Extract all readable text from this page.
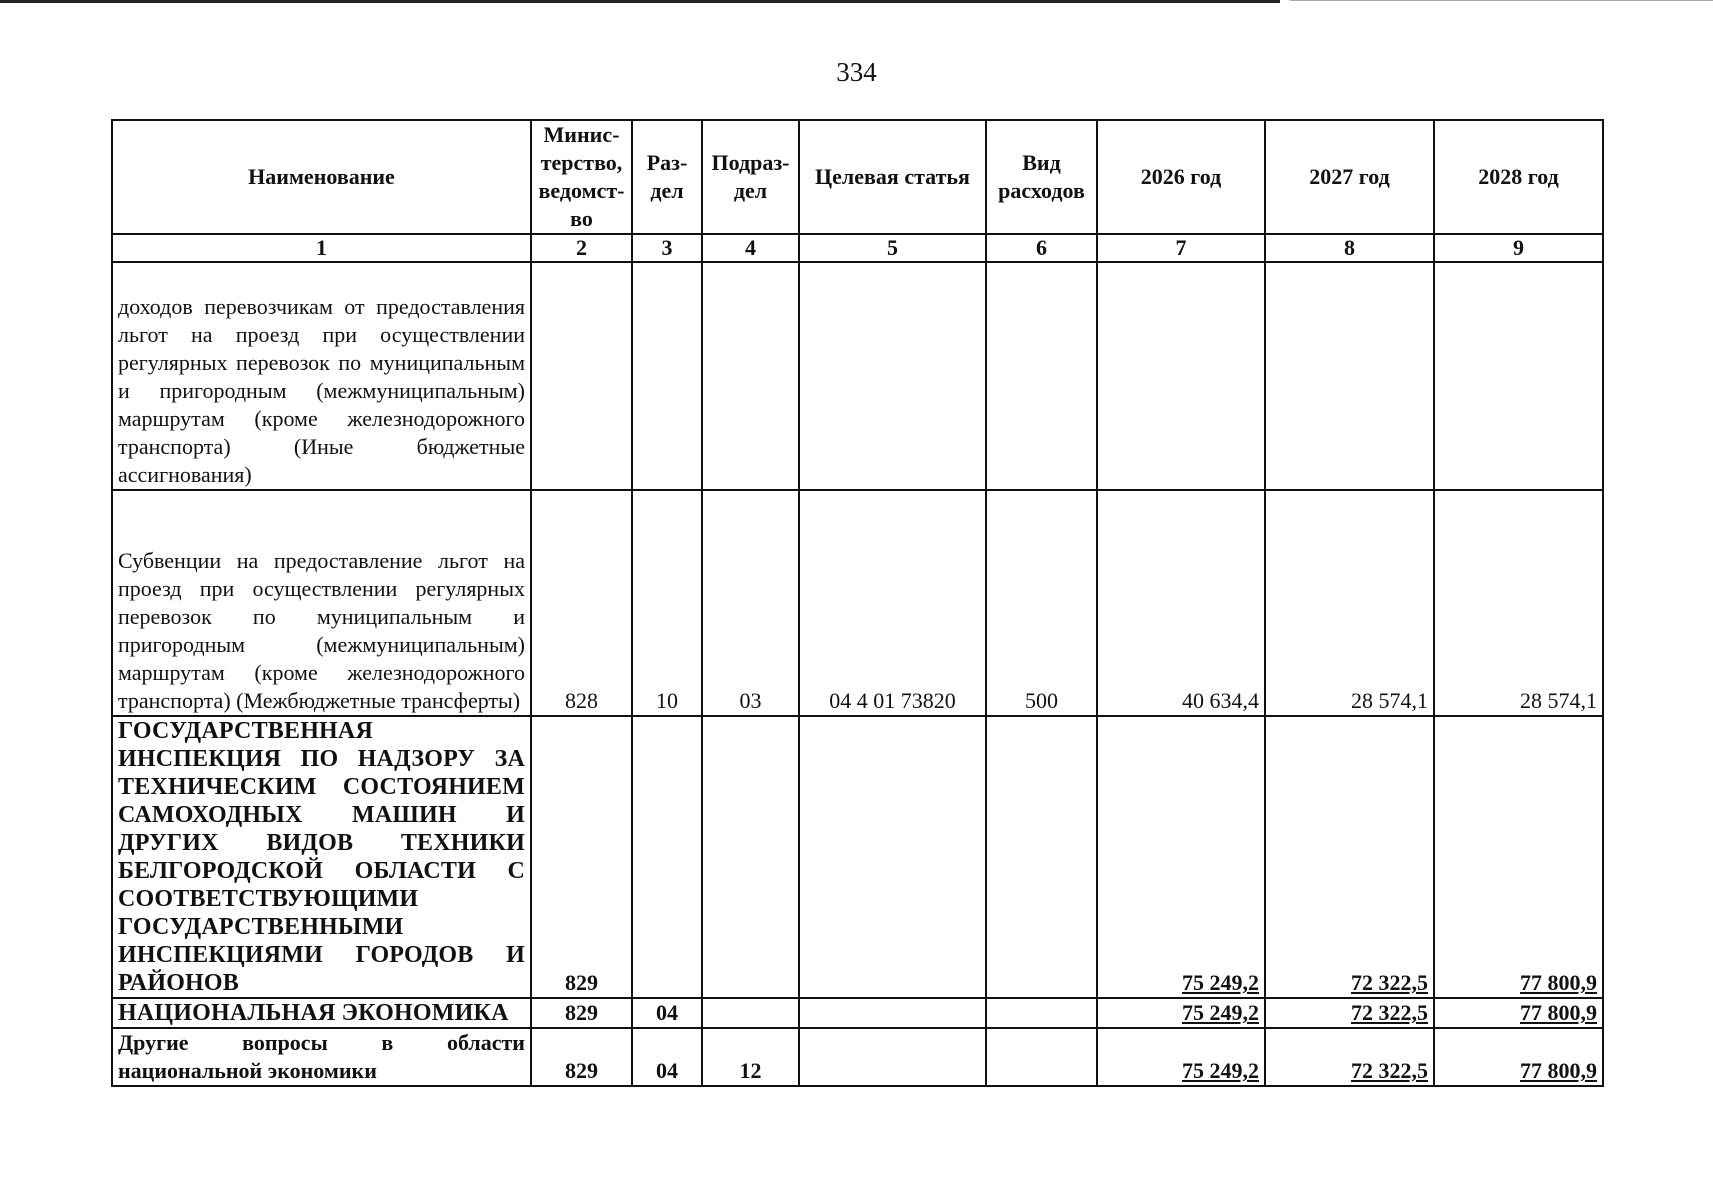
334
Наименование	Минис-терство, ведомст-во	Раз-дел	Подраз-дел	Целевая статья	Вид расходов	2026 год	2027 год	2028 год
1	2	3	4	5	6	7	8	9
доходов перевозчикам от предоставления льгот на проезд при осуществлении регулярных перевозок по муниципальным и пригородным (межмуниципальным) маршрутам (кроме железнодорожного транспорта) (Иные бюджетные ассигнования)								
Субвенции на предоставление льгот на проезд при осуществлении регулярных перевозок по муниципальным и пригородным (межмуниципальным) маршрутам (кроме железнодорожного транспорта) (Межбюджетные трансферты)	828	10	03	04 4 01 73820	500	40 634,4	28 574,1	28 574,1
ГОСУДАРСТВЕННАЯ ИНСПЕКЦИЯ ПО НАДЗОРУ ЗА ТЕХНИЧЕСКИМ СОСТОЯНИЕМ САМОХОДНЫХ МАШИН И ДРУГИХ ВИДОВ ТЕХНИКИ БЕЛГОРОДСКОЙ ОБЛАСТИ С СООТВЕТСТВУЮЩИМИ ГОСУДАРСТВЕННЫМИ ИНСПЕКЦИЯМИ ГОРОДОВ И РАЙОНОВ	829					75 249,2	72 322,5	77 800,9
НАЦИОНАЛЬНАЯ ЭКОНОМИКА	829	04				75 249,2	72 322,5	77 800,9
Другие вопросы в области национальной экономики	829	04	12			75 249,2	72 322,5	77 800,9
